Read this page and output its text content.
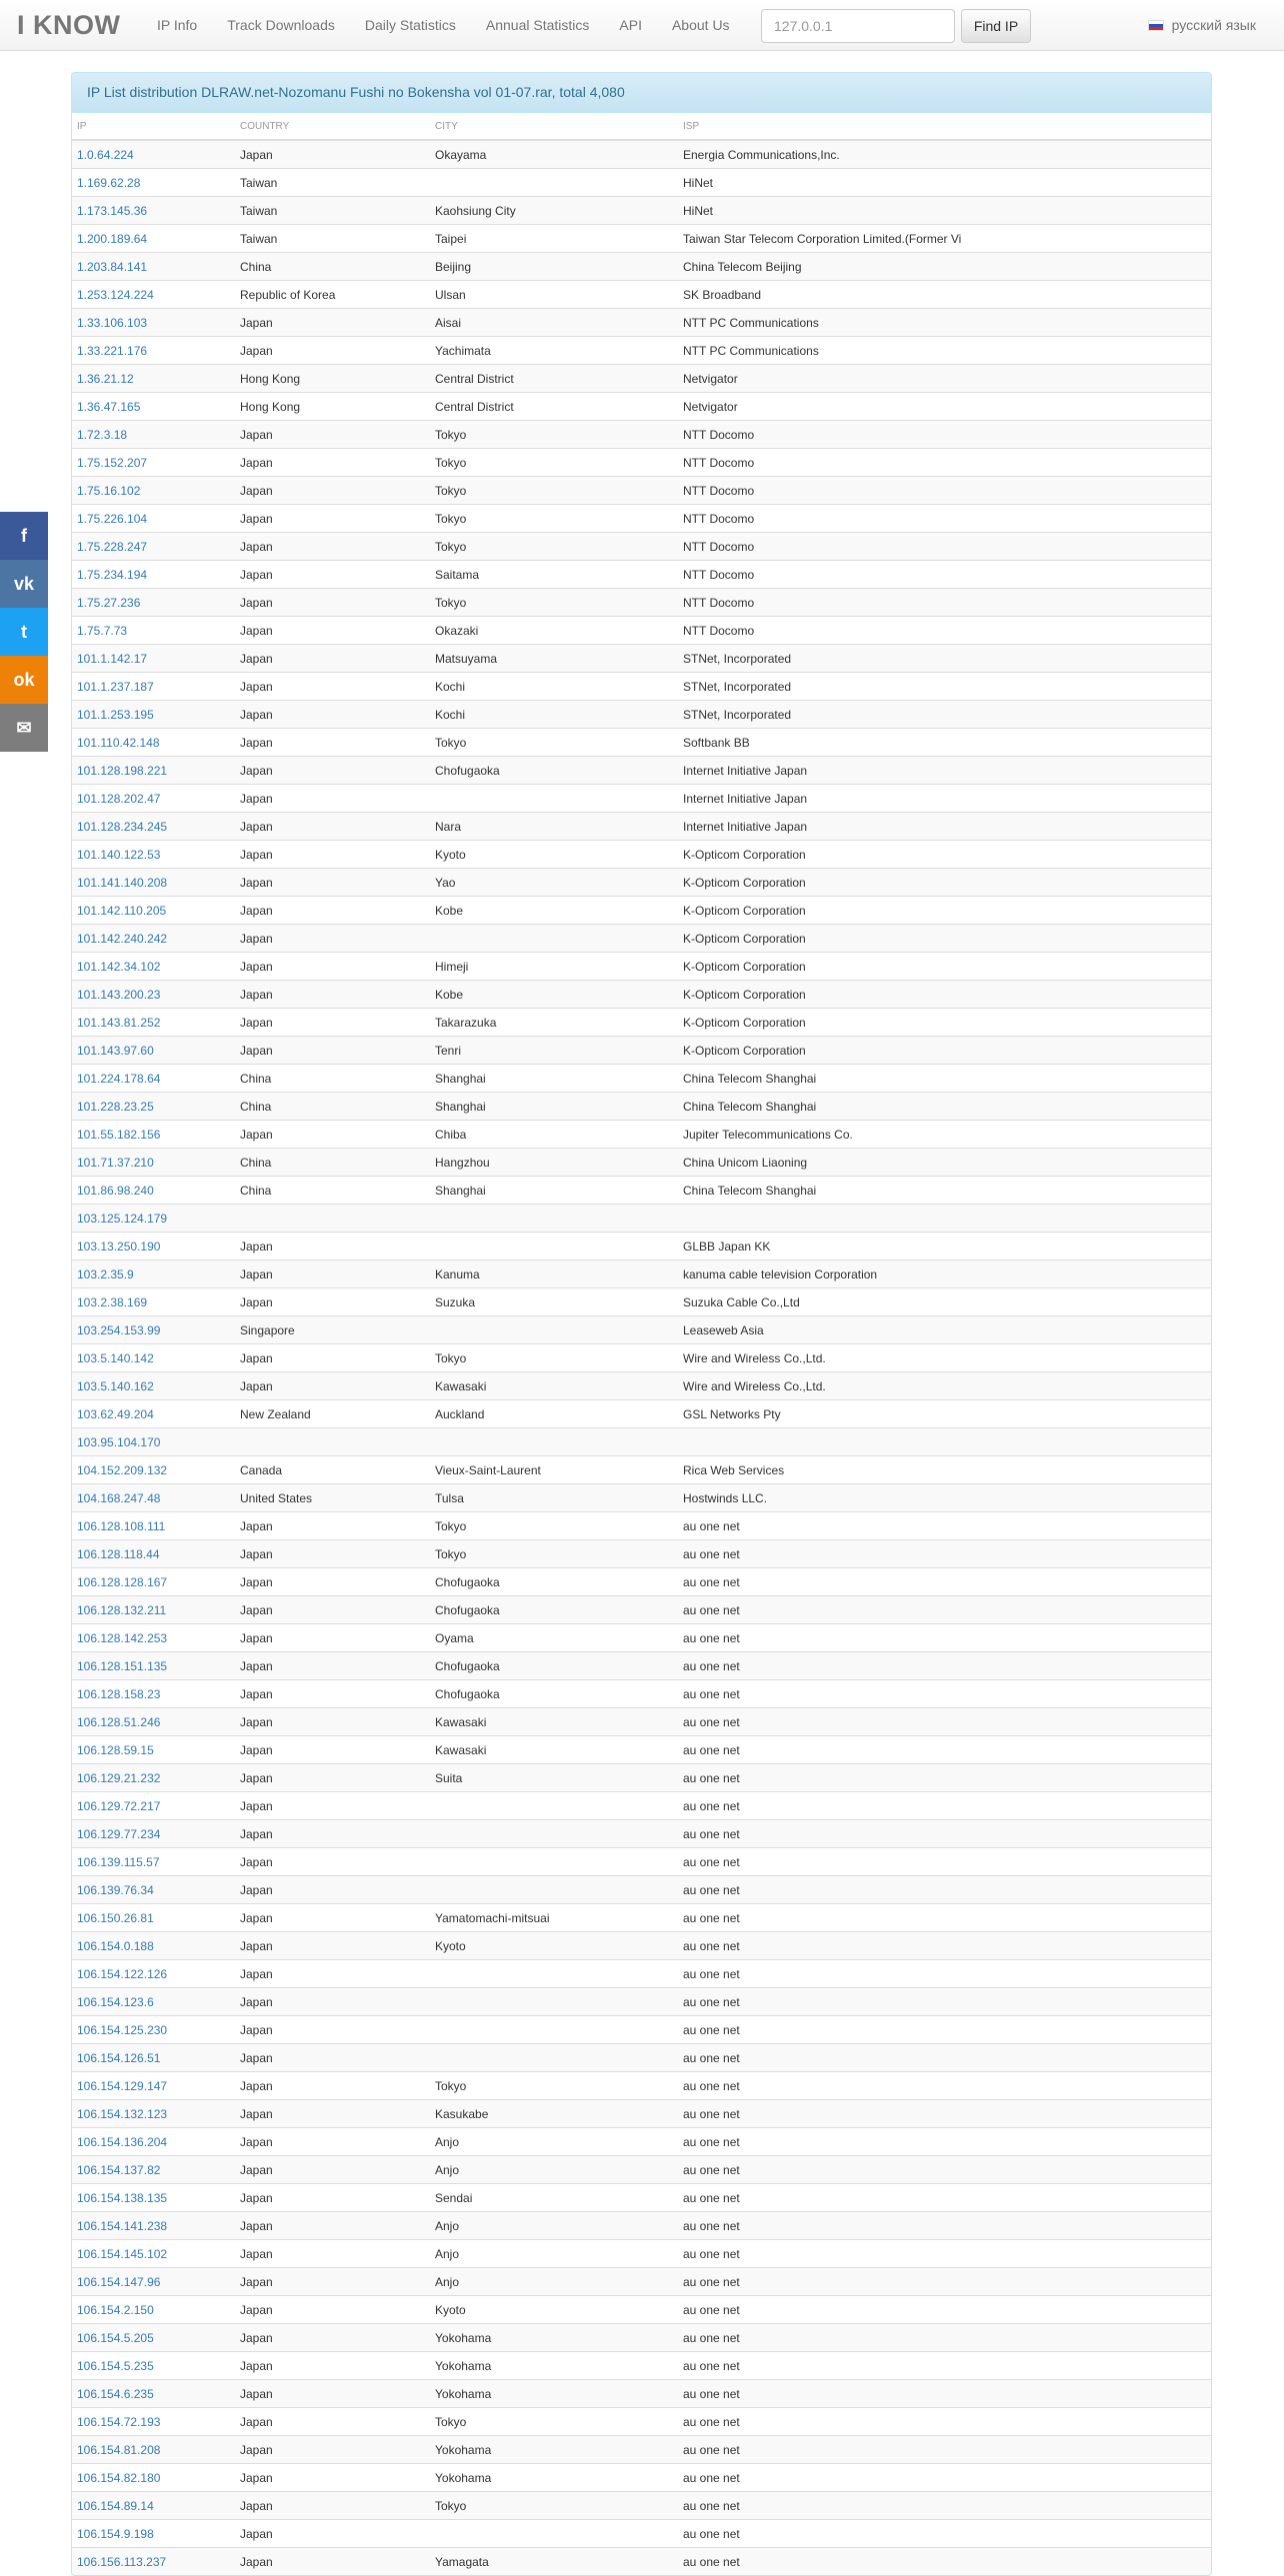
I KNOW	IP Info	Track Downloads	Daily Statistics	Annual Statistics	API	About Us
127.0.0.1	Find IP	русский язык
f
vk
t
ok
✉
IP List distribution DLRAW.net-Nozomanu Fushi no Bokensha vol 01-07.rar, total 4,080
IP	COUNTRY	CITY	ISP
1.0.64.224	Japan	Okayama	Energia Communications,Inc.
1.169.62.28	Taiwan		HiNet
1.173.145.36	Taiwan	Kaohsiung City	HiNet
1.200.189.64	Taiwan	Taipei	Taiwan Star Telecom Corporation Limited.(Former Vi
1.203.84.141	China	Beijing	China Telecom Beijing
1.253.124.224	Republic of Korea	Ulsan	SK Broadband
1.33.106.103	Japan	Aisai	NTT PC Communications
1.33.221.176	Japan	Yachimata	NTT PC Communications
1.36.21.12	Hong Kong	Central District	Netvigator
1.36.47.165	Hong Kong	Central District	Netvigator
1.72.3.18	Japan	Tokyo	NTT Docomo
1.75.152.207	Japan	Tokyo	NTT Docomo
1.75.16.102	Japan	Tokyo	NTT Docomo
1.75.226.104	Japan	Tokyo	NTT Docomo
1.75.228.247	Japan	Tokyo	NTT Docomo
1.75.234.194	Japan	Saitama	NTT Docomo
1.75.27.236	Japan	Tokyo	NTT Docomo
1.75.7.73	Japan	Okazaki	NTT Docomo
101.1.142.17	Japan	Matsuyama	STNet, Incorporated
101.1.237.187	Japan	Kochi	STNet, Incorporated
101.1.253.195	Japan	Kochi	STNet, Incorporated
101.110.42.148	Japan	Tokyo	Softbank BB
101.128.198.221	Japan	Chofugaoka	Internet Initiative Japan
101.128.202.47	Japan		Internet Initiative Japan
101.128.234.245	Japan	Nara	Internet Initiative Japan
101.140.122.53	Japan	Kyoto	K-Opticom Corporation
101.141.140.208	Japan	Yao	K-Opticom Corporation
101.142.110.205	Japan	Kobe	K-Opticom Corporation
101.142.240.242	Japan		K-Opticom Corporation
101.142.34.102	Japan	Himeji	K-Opticom Corporation
101.143.200.23	Japan	Kobe	K-Opticom Corporation
101.143.81.252	Japan	Takarazuka	K-Opticom Corporation
101.143.97.60	Japan	Tenri	K-Opticom Corporation
101.224.178.64	China	Shanghai	China Telecom Shanghai
101.228.23.25	China	Shanghai	China Telecom Shanghai
101.55.182.156	Japan	Chiba	Jupiter Telecommunications Co.
101.71.37.210	China	Hangzhou	China Unicom Liaoning
101.86.98.240	China	Shanghai	China Telecom Shanghai
103.125.124.179			
103.13.250.190	Japan		GLBB Japan KK
103.2.35.9	Japan	Kanuma	kanuma cable television Corporation
103.2.38.169	Japan	Suzuka	Suzuka Cable Co.,Ltd
103.254.153.99	Singapore		Leaseweb Asia
103.5.140.142	Japan	Tokyo	Wire and Wireless Co.,Ltd.
103.5.140.162	Japan	Kawasaki	Wire and Wireless Co.,Ltd.
103.62.49.204	New Zealand	Auckland	GSL Networks Pty
103.95.104.170			
104.152.209.132	Canada	Vieux-Saint-Laurent	Rica Web Services
104.168.247.48	United States	Tulsa	Hostwinds LLC.
106.128.108.111	Japan	Tokyo	au one net
106.128.118.44	Japan	Tokyo	au one net
106.128.128.167	Japan	Chofugaoka	au one net
106.128.132.211	Japan	Chofugaoka	au one net
106.128.142.253	Japan	Oyama	au one net
106.128.151.135	Japan	Chofugaoka	au one net
106.128.158.23	Japan	Chofugaoka	au one net
106.128.51.246	Japan	Kawasaki	au one net
106.128.59.15	Japan	Kawasaki	au one net
106.129.21.232	Japan	Suita	au one net
106.129.72.217	Japan		au one net
106.129.77.234	Japan		au one net
106.139.115.57	Japan		au one net
106.139.76.34	Japan		au one net
106.150.26.81	Japan	Yamatomachi-mitsuai	au one net
106.154.0.188	Japan	Kyoto	au one net
106.154.122.126	Japan		au one net
106.154.123.6	Japan		au one net
106.154.125.230	Japan		au one net
106.154.126.51	Japan		au one net
106.154.129.147	Japan	Tokyo	au one net
106.154.132.123	Japan	Kasukabe	au one net
106.154.136.204	Japan	Anjo	au one net
106.154.137.82	Japan	Anjo	au one net
106.154.138.135	Japan	Sendai	au one net
106.154.141.238	Japan	Anjo	au one net
106.154.145.102	Japan	Anjo	au one net
106.154.147.96	Japan	Anjo	au one net
106.154.2.150	Japan	Kyoto	au one net
106.154.5.205	Japan	Yokohama	au one net
106.154.5.235	Japan	Yokohama	au one net
106.154.6.235	Japan	Yokohama	au one net
106.154.72.193	Japan	Tokyo	au one net
106.154.81.208	Japan	Yokohama	au one net
106.154.82.180	Japan	Yokohama	au one net
106.154.89.14	Japan	Tokyo	au one net
106.154.9.198	Japan		au one net
106.156.113.237	Japan	Yamagata	au one net
